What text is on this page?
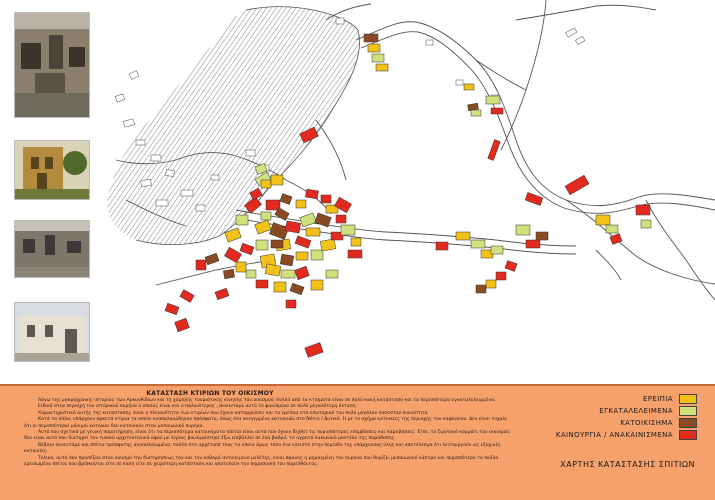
ΚΑΤΑΣΤΑΣΗ ΚΤΙΡΙΩΝ ΤΟΥ ΟΙΚΙΣΜΟΥ

Λόγω της μακρόχρονης ιστορίας των Αρκυνθιδίων και τη χαμηλής τουριστικής κίνησης του οικισμού, πολλά από τα κτίσματα είναι σε πολύ κακή κατάσταση και τα περισσότερα εγκαταλελειμμένα.

Ειδικά στην περιοχή του ιστορικού πυρήνα ο οποίος είναι και ο παλαιότερος , συναντάμε αυτό το φαινόμενο σε πολύ μεγαλύτερη έκταση.

Χαρακτηριστικό αυτής της κατάστασης είναι η πλειονότητα των κτιρίων που έχουν καταρρεύσει και τα ερείπια στο εσωτερικό του πολύ μεγάλου ποσοστού πυκνότητα.

Κατά τα άλλα, υπάρχουν αρκετά κτίρια τα οποία αναπαλαιώθηκαν πρόσφατα, όπως ένα ανεγερμένο κατοικιών στο Νότιο / Δυτικό. Η με το σχήμα κατοικίες της περιοχής του καφενείου. Δεν είναι τυχαίο ότι οι περισσότεροι μόνιμοι κάτοικοι δεν κατοικούν στον μεσαιωνικό πυρήνα.

Αυτό που σχετικά με γενική παρατήρηση, είναι ότι τα περισσότερα κατοικήματα σπίτια είναι αυτά που έχουν δεχθεί τις περισσότερες επεμβάσεις και παραβάσεις. Έτσι, το ζωντανό κομμάτι του οικισμού, δεν είναι αυτό που διατηρεί τον τυπικό αρχιτεκτονικό αφού με λίγους βουλιμάστηκε έξω επιβάλλει σε ένα βαθμό, το αγροτό λακωνικό μοντέλο της παράδοσης.

Βέβαια συνεντάμε και σπίτια πρόσφατης αναπαλαιωμένα, πολλά στο αρχέτυπό τους τα οποία όμως τόσο ένα κλειστά στην περίοδο της υπάρχουσας ύλης και αποτέλεσμα ότι λειτουργούν ως εξοχικές κατοικίες.

Τελικά, αυτό που προσέξαν στον οικισμό την διατηρήσεως του και τον καθαρό αντικείμενο μελέτης, είναι σφανής η ρημαγμένη του πυρήνα που θυμίζει μεσαιωνικό κάστρο και περισσότερο τα πολλά ερειπωμένα σπίτια που βρίσκονται είτε σε καλή είτε σε χειρότερη κατάσταση και αποτελούν την σημασιακή του παρελθόντος.

ΕΡΕΙΠΙΑ
ΕΓΚΑΤΑΛΕΛΕΙΜΕΝΑ
ΚΑΤΟΙΚΙΣΗΜΑ
ΚΑΙΝΟΥΡΓΙΑ / ΑΝΑΚΑΙΝΙΣΜΕΝΑ
ΧΑΡΤΗΣ ΚΑΤΑΣΤΑΣΗΣ ΣΠΙΤΙΩΝ
